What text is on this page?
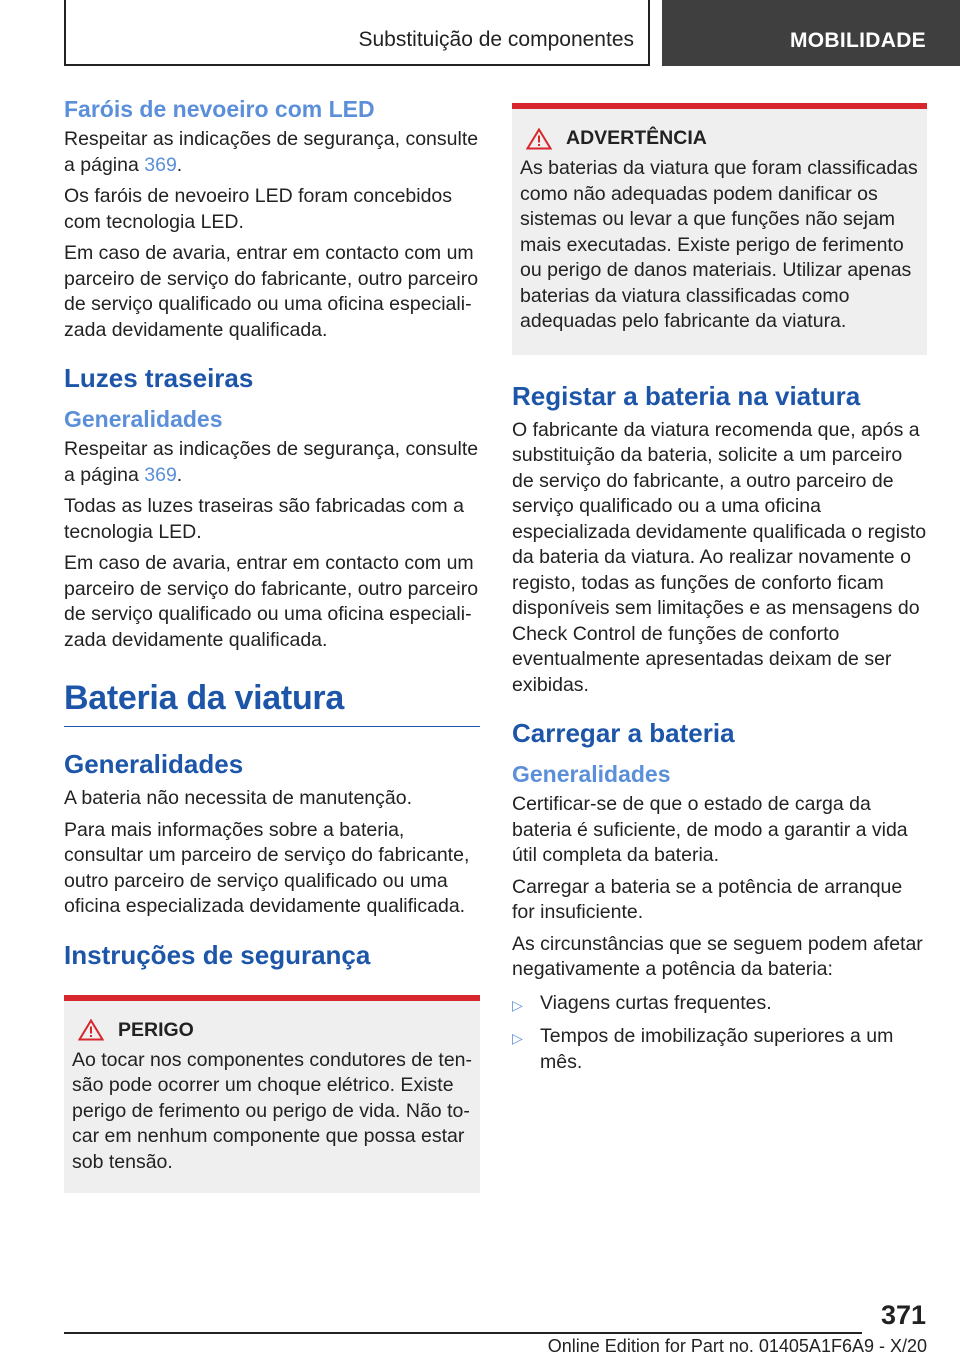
Substituição de componentes	MOBILIDADE
Faróis de nevoeiro com LED

Respeitar as indicações de segurança, consulte a página 369.

Os faróis de nevoeiro LED foram concebidos com tecnologia LED.

Em caso de avaria, entrar em contacto com um parceiro de serviço do fabricante, outro parceiro de serviço qualificado ou uma oficina especializada devidamente qualificada.

Luzes traseiras
Generalidades

Respeitar as indicações de segurança, consulte a página 369.

Todas as luzes traseiras são fabricadas com a tecnologia LED.

Em caso de avaria, entrar em contacto com um parceiro de serviço do fabricante, outro parceiro de serviço qualificado ou uma oficina especializada devidamente qualificada.

Bateria da viatura
Generalidades

A bateria não necessita de manutenção.

Para mais informações sobre a bateria, consultar um parceiro de serviço do fabricante, outro parceiro de serviço qualificado ou uma oficina especializada devidamente qualificada.

Instruções de segurança
PERIGO

Ao tocar nos componentes condutores de tensão pode ocorrer um choque elétrico. Existe perigo de ferimento ou perigo de vida. Não tocar em nenhum componente que possa estar sob tensão.

ADVERTÊNCIA

As baterias da viatura que foram classificadas como não adequadas podem danificar os sistemas ou levar a que funções não sejam mais executadas. Existe perigo de ferimento ou perigo de danos materiais. Utilizar apenas baterias da viatura classificadas como adequadas pelo fabricante da viatura.

Registar a bateria na viatura

O fabricante da viatura recomenda que, após a substituição da bateria, solicite a um parceiro de serviço do fabricante, a outro parceiro de serviço qualificado ou a uma oficina especializada devidamente qualificada o registo da bateria da viatura. Ao realizar novamente o registo, todas as funções de conforto ficam disponíveis sem limitações e as mensagens do Check Control de funções de conforto eventualmente apresentadas deixam de ser exibidas.

Carregar a bateria
Generalidades

Certificar-se de que o estado de carga da bateria é suficiente, de modo a garantir a vida útil completa da bateria.

Carregar a bateria se a potência de arranque for insuficiente.

As circunstâncias que se seguem podem afetar negativamente a potência da bateria:

▷ Viagens curtas frequentes.
▷ Tempos de imobilização superiores a um mês.
371
Online Edition for Part no. 01405A1F6A9 - X/20
